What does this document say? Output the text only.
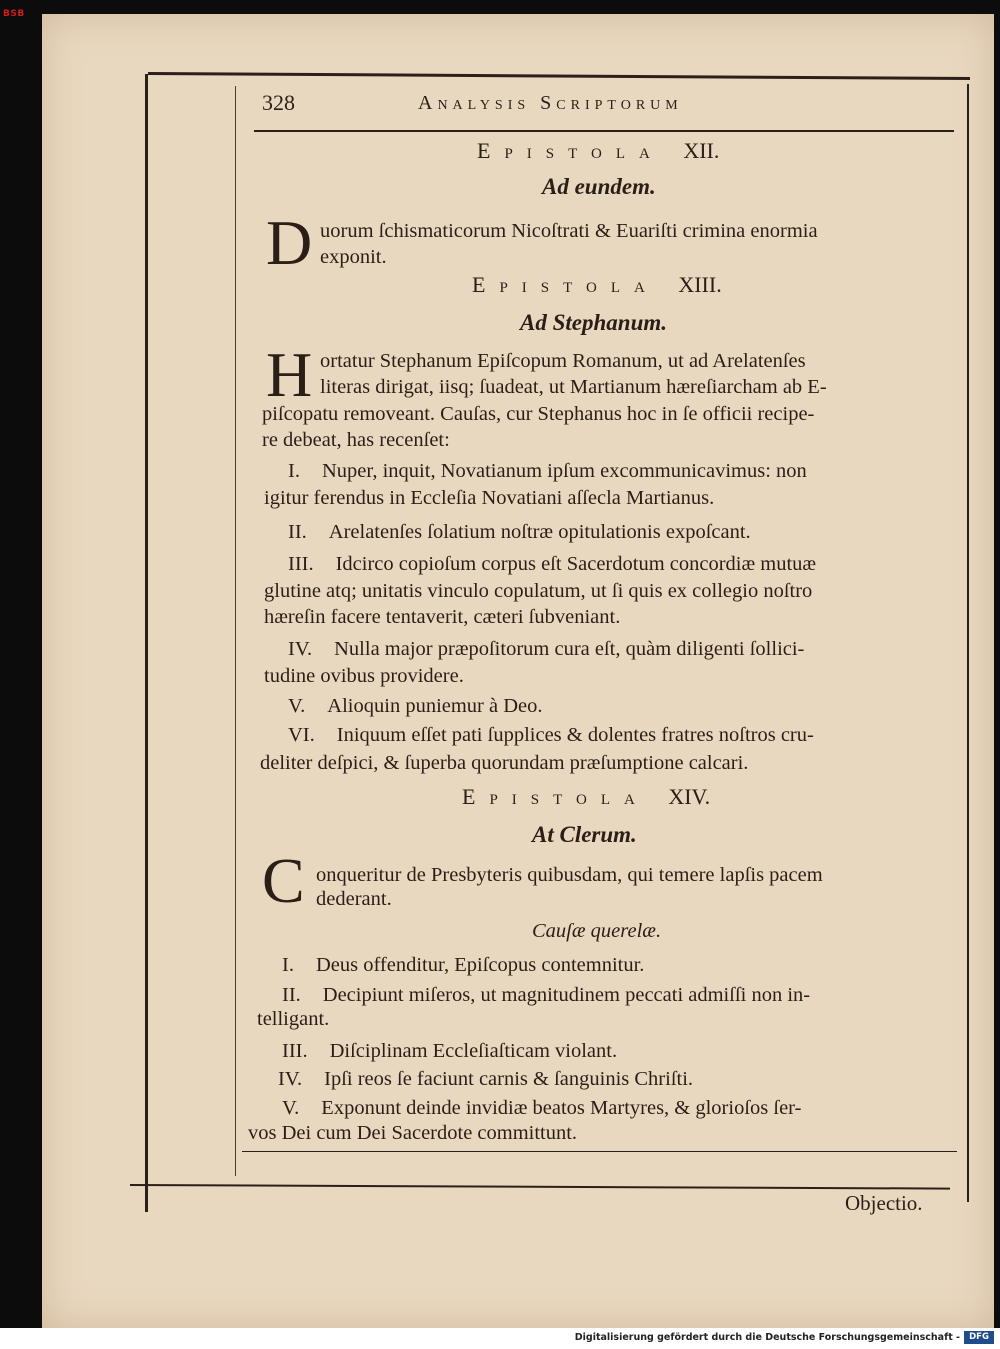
BSB
328	Analysis Scriptorum
Epistola XII.
Ad eundem.
D uorum ſchismaticorum Nicoſtrati & Euariſti crimina enormia
exponit.
Epistola XIII.
Ad Stephanum.
H ortatur Stephanum Epiſcopum Romanum, ut ad Arelatenſes
literas dirigat, iisq; ſuadeat, ut Martianum hæreſiarcham ab E-
piſcopatu removeant. Cauſas, cur Stephanus hoc in ſe officii recipe-
re debeat, has recenſet:
I. Nuper, inquit, Novatianum ipſum excommunicavimus: non
igitur ferendus in Eccleſia Novatiani aſſecla Martianus.
II. Arelatenſes ſolatium noſtræ opitulationis expoſcant.
III. Idcirco copioſum corpus eſt Sacerdotum concordiæ mutuæ
glutine atq; unitatis vinculo copulatum, ut ſi quis ex collegio noſtro
hæreſin facere tentaverit, cæteri ſubveniant.
IV. Nulla major præpoſitorum cura eſt, quàm diligenti ſollici-
tudine ovibus providere.
V. Alioquin puniemur à Deo.
VI. Iniquum eſſet pati ſupplices & dolentes fratres noſtros cru-
deliter deſpici, & ſuperba quorundam præſumptione calcari.
Epistola XIV.
At Clerum.
C onqueritur de Presbyteris quibusdam, qui temere lapſis pacem
dederant.
Cauſæ querelæ.
I. Deus offenditur, Epiſcopus contemnitur.
II. Decipiunt miſeros, ut magnitudinem peccati admiſſi non in-
telligant.
III. Diſciplinam Eccleſiaſticam violant.
IV. Ipſi reos ſe faciunt carnis & ſanguinis Chriſti.
V. Exponunt deinde invidiæ beatos Martyres, & glorioſos ſer-
vos Dei cum Dei Sacerdote committunt.
Objectio.
Digitalisierung gefördert durch die Deutsche Forschungsgemeinschaft -	DFG
